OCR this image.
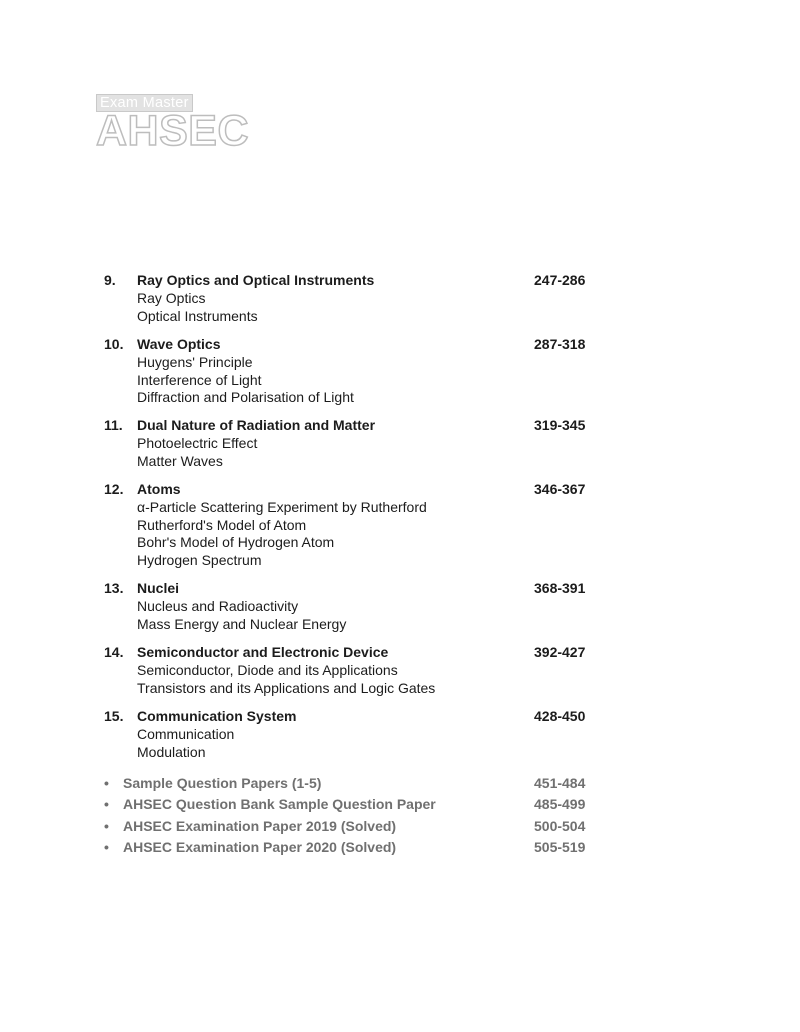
Exam Master
AHSEC
9. Ray Optics and Optical Instruments	247-286
Ray Optics
Optical Instruments
10. Wave Optics	287-318
Huygens' Principle
Interference of Light
Diffraction and Polarisation of Light
11. Dual Nature of Radiation and Matter	319-345
Photoelectric Effect
Matter Waves
12. Atoms	346-367
α-Particle Scattering Experiment by Rutherford
Rutherford's Model of Atom
Bohr's Model of Hydrogen Atom
Hydrogen Spectrum
13. Nuclei	368-391
Nucleus and Radioactivity
Mass Energy and Nuclear Energy
14. Semiconductor and Electronic Device	392-427
Semiconductor, Diode and its Applications
Transistors and its Applications and Logic Gates
15. Communication System	428-450
Communication
Modulation
• Sample Question Papers (1-5)	451-484
• AHSEC Question Bank Sample Question Paper	485-499
• AHSEC Examination Paper 2019 (Solved)	500-504
• AHSEC Examination Paper 2020 (Solved)	505-519
